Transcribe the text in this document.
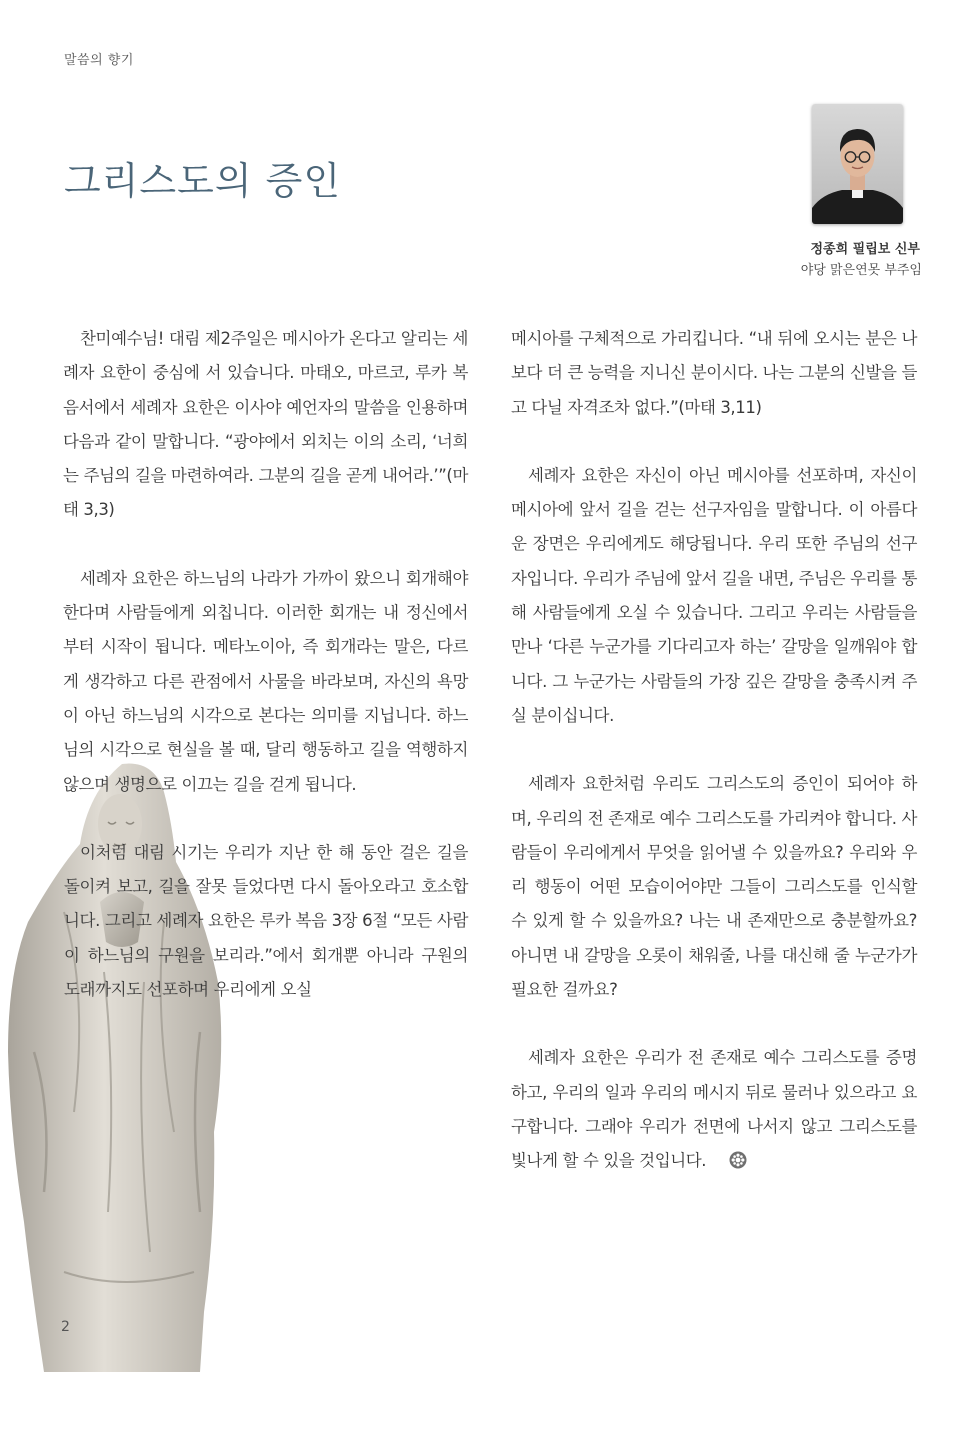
말씀의 향기
그리스도의 증인
정종희 필립보 신부
야당 맑은연못 부주임

찬미예수님! 대림 제2주일은 메시아가 온다고 알리는 세례자 요한이 중심에 서 있습니다. 마태오, 마르코, 루카 복음서에서 세례자 요한은 이사야 예언자의 말씀을 인용하며 다음과 같이 말합니다. “광야에서 외치는 이의 소리, ‘너희는 주님의 길을 마련하여라. 그분의 길을 곧게 내어라.’”(마태 3,3)

세례자 요한은 하느님의 나라가 가까이 왔으니 회개해야 한다며 사람들에게 외칩니다. 이러한 회개는 내 정신에서부터 시작이 됩니다. 메타노이아, 즉 회개라는 말은, 다르게 생각하고 다른 관점에서 사물을 바라보며, 자신의 욕망이 아닌 하느님의 시각으로 본다는 의미를 지닙니다. 하느님의 시각으로 현실을 볼 때, 달리 행동하고 길을 역행하지 않으며 생명으로 이끄는 길을 걷게 됩니다.

이처럼 대림 시기는 우리가 지난 한 해 동안 걸은 길을 돌이켜 보고, 길을 잘못 들었다면 다시 돌아오라고 호소합니다. 그리고 세례자 요한은 루카 복음 3장 6절 “모든 사람이 하느님의 구원을 보리라.”에서 회개뿐 아니라 구원의 도래까지도 선포하며 우리에게 오실

메시아를 구체적으로 가리킵니다. “내 뒤에 오시는 분은 나보다 더 큰 능력을 지니신 분이시다. 나는 그분의 신발을 들고 다닐 자격조차 없다.”(마태 3,11)

세례자 요한은 자신이 아닌 메시아를 선포하며, 자신이 메시아에 앞서 길을 걷는 선구자임을 말합니다. 이 아름다운 장면은 우리에게도 해당됩니다. 우리 또한 주님의 선구자입니다. 우리가 주님에 앞서 길을 내면, 주님은 우리를 통해 사람들에게 오실 수 있습니다. 그리고 우리는 사람들을 만나 ‘다른 누군가를 기다리고자 하는’ 갈망을 일깨워야 합니다. 그 누군가는 사람들의 가장 깊은 갈망을 충족시켜 주실 분이십니다.

세례자 요한처럼 우리도 그리스도의 증인이 되어야 하며, 우리의 전 존재로 예수 그리스도를 가리켜야 합니다. 사람들이 우리에게서 무엇을 읽어낼 수 있을까요? 우리와 우리 행동이 어떤 모습이어야만 그들이 그리스도를 인식할 수 있게 할 수 있을까요? 나는 내 존재만으로 충분할까요? 아니면 내 갈망을 오롯이 채워줄, 나를 대신해 줄 누군가가 필요한 걸까요?

세례자 요한은 우리가 전 존재로 예수 그리스도를 증명하고, 우리의 일과 우리의 메시지 뒤로 물러나 있으라고 요구합니다. 그래야 우리가 전면에 나서지 않고 그리스도를 빛나게 할 수 있을 것입니다.

2
